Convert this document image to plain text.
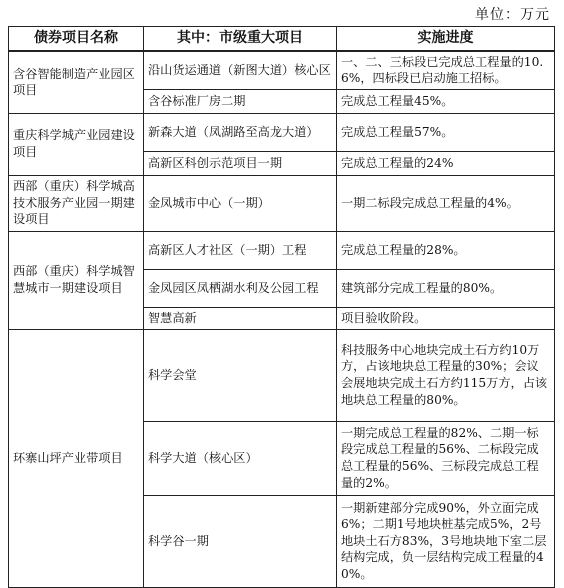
单位：万元
债券项目名称	其中：市级重大项目	实施进度
含谷智能制造产业园区项目	沿山货运通道（新图大道）核心区	一、二、三标段已完成总工程量的10.6%，四标段已启动施工招标。
	含谷标准厂房二期	完成总工程量45%。
重庆科学城产业园建设项目	新森大道（凤湖路至高龙大道）	完成总工程量57%。
	高新区科创示范项目一期	完成总工程量的24%
西部（重庆）科学城高技术服务产业园一期建设项目	金凤城市中心（一期）	一期二标段完成总工程量的4%。
西部（重庆）科学城智慧城市一期建设项目	高新区人才社区（一期）工程	完成总工程量的28%。
	金凤园区凤栖湖水利及公园工程	建筑部分完成工程量的80%。
	智慧高新	项目验收阶段。
环寨山坪产业带项目	科学会堂	科技服务中心地块完成土石方约10万方，占该地块总工程量的30%；会议会展地块完成土石方约115万方，占该地块总工程量的80%。
	科学大道（核心区）	一期完成总工程量的82%、二期一标段完成总工程量的56%、二标段完成总工程量的56%、三标段完成总工程量的2%。
	科学谷一期	一期新建部分完成90%，外立面完成6%；二期1号地块桩基完成5%，2号地块土石方83%，3号地块地下室二层结构完成，负一层结构完成工程量的40%。
